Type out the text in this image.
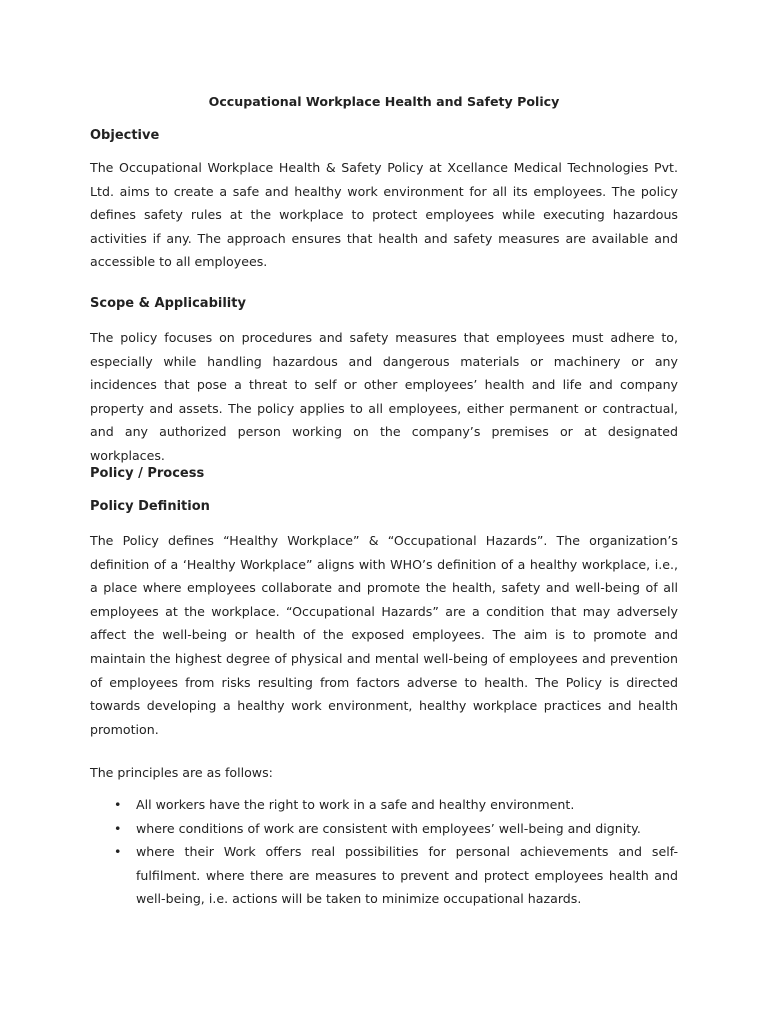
Occupational Workplace Health and Safety Policy
Objective

The Occupational Workplace Health & Safety Policy at Xcellance Medical Technologies Pvt. Ltd. aims to create a safe and healthy work environment for all its employees. The policy defines safety rules at the workplace to protect employees while executing hazardous activities if any. The approach ensures that health and safety measures are available and accessible to all employees.

Scope & Applicability

The policy focuses on procedures and safety measures that employees must adhere to, especially while handling hazardous and dangerous materials or machinery or any incidences that pose a threat to self or other employees’ health and life and company property and assets. The policy applies to all employees, either permanent or contractual, and any authorized person working on the company’s premises or at designated workplaces.

Policy / Process
Policy Definition

The Policy defines “Healthy Workplace” & “Occupational Hazards”. The organization’s definition of a ‘Healthy Workplace” aligns with WHO’s definition of a healthy workplace, i.e., a place where employees collaborate and promote the health, safety and well-being of all employees at the workplace. “Occupational Hazards” are a condition that may adversely affect the well-being or health of the exposed employees. The aim is to promote and maintain the highest degree of physical and mental well-being of employees and prevention of employees from risks resulting from factors adverse to health. The Policy is directed towards developing a healthy work environment, healthy workplace practices and health promotion.

The principles are as follows:

• All workers have the right to work in a safe and healthy environment.
• where conditions of work are consistent with employees’ well-being and dignity.
• where their Work offers real possibilities for personal achievements and self-fulfilment. where there are measures to prevent and protect employees health and well-being, i.e. actions will be taken to minimize occupational hazards.
